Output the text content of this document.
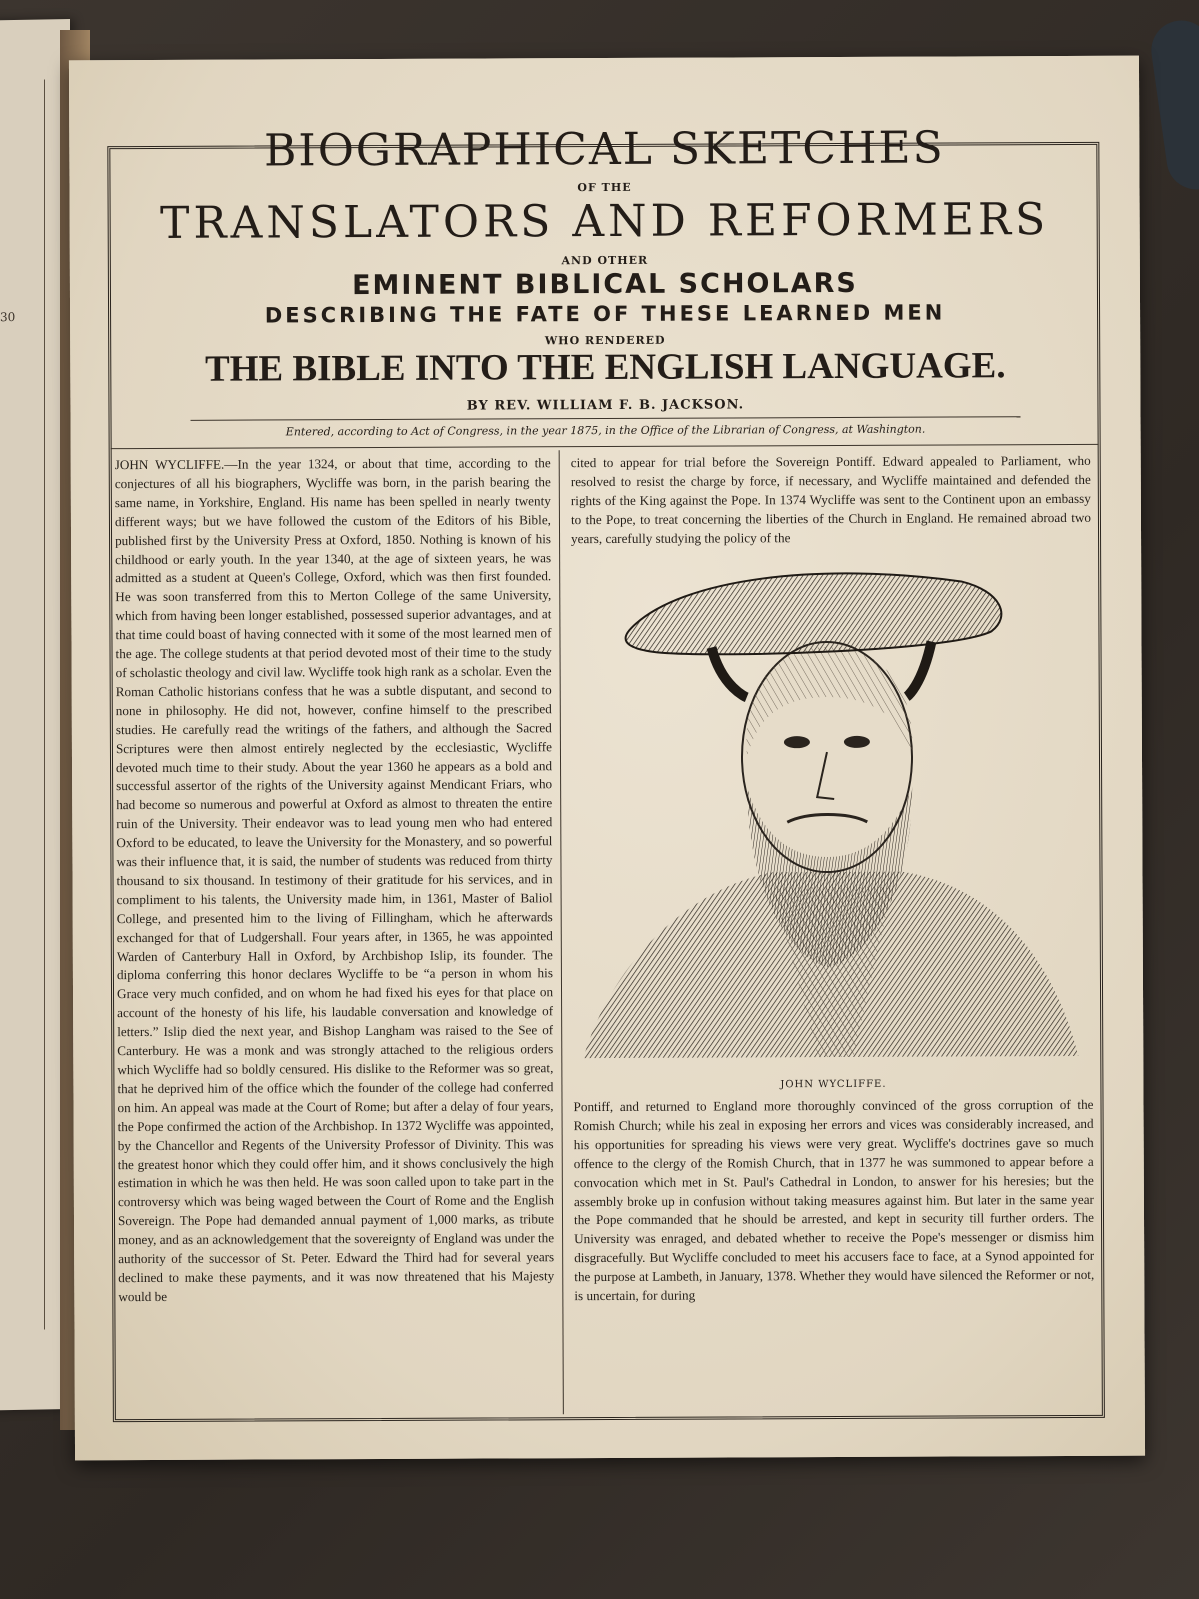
30
BIOGRAPHICAL SKETCHES
OF THE
TRANSLATORS AND REFORMERS
AND OTHER
EMINENT BIBLICAL SCHOLARS
DESCRIBING THE FATE OF THESE LEARNED MEN
WHO RENDERED
THE BIBLE INTO THE ENGLISH LANGUAGE.
BY REV. WILLIAM F. B. JACKSON.
Entered, according to Act of Congress, in the year 1875, in the Office of the Librarian of Congress, at Washington.
JOHN WYCLIFFE.—In the year 1324, or about that time, according to the conjectures of all his biographers, Wycliffe was born, in the parish bearing the same name, in Yorkshire, England. His name has been spelled in nearly twenty different ways; but we have followed the custom of the Editors of his Bible, published first by the University Press at Oxford, 1850. Nothing is known of his childhood or early youth. In the year 1340, at the age of sixteen years, he was admitted as a student at Queen's College, Oxford, which was then first founded. He was soon transferred from this to Merton College of the same University, which from having been longer established, possessed superior advantages, and at that time could boast of having connected with it some of the most learned men of the age. The college students at that period devoted most of their time to the study of scholastic theology and civil law. Wycliffe took high rank as a scholar. Even the Roman Catholic historians confess that he was a subtle disputant, and second to none in philosophy. He did not, however, confine himself to the prescribed studies. He carefully read the writings of the fathers, and although the Sacred Scriptures were then almost entirely neglected by the ecclesiastic, Wycliffe devoted much time to their study. About the year 1360 he appears as a bold and successful assertor of the rights of the University against Mendicant Friars, who had become so numerous and powerful at Oxford as almost to threaten the entire ruin of the University. Their endeavor was to lead young men who had entered Oxford to be educated, to leave the University for the Monastery, and so powerful was their influence that, it is said, the number of students was reduced from thirty thousand to six thousand. In testimony of their gratitude for his services, and in compliment to his talents, the University made him, in 1361, Master of Baliol College, and presented him to the living of Fillingham, which he afterwards exchanged for that of Ludgershall. Four years after, in 1365, he was appointed Warden of Canterbury Hall in Oxford, by Archbishop Islip, its founder. The diploma conferring this honor declares Wycliffe to be “a person in whom his Grace very much confided, and on whom he had fixed his eyes for that place on account of the honesty of his life, his laudable conversation and knowledge of letters.” Islip died the next year, and Bishop Langham was raised to the See of Canterbury. He was a monk and was strongly attached to the religious orders which Wycliffe had so boldly censured. His dislike to the Reformer was so great, that he deprived him of the office which the founder of the college had conferred on him. An appeal was made at the Court of Rome; but after a delay of four years, the Pope confirmed the action of the Archbishop. In 1372 Wycliffe was appointed, by the Chancellor and Regents of the University Professor of Divinity. This was the greatest honor which they could offer him, and it shows conclusively the high estimation in which he was then held. He was soon called upon to take part in the controversy which was being waged between the Court of Rome and the English Sovereign. The Pope had demanded annual payment of 1,000 marks, as tribute money, and as an acknowledgement that the sovereignty of England was under the authority of the successor of St. Peter. Edward the Third had for several years declined to make these payments, and it was now threatened that his Majesty would be
cited to appear for trial before the Sovereign Pontiff. Edward appealed to Parliament, who resolved to resist the charge by force, if necessary, and Wycliffe maintained and defended the rights of the King against the Pope. In 1374 Wycliffe was sent to the Continent upon an embassy to the Pope, to treat concerning the liberties of the Church in England. He remained abroad two years, carefully studying the policy of the
JOHN WYCLIFFE.
Pontiff, and returned to England more thoroughly convinced of the gross corruption of the Romish Church; while his zeal in exposing her errors and vices was considerably increased, and his opportunities for spreading his views were very great. Wycliffe's doctrines gave so much offence to the clergy of the Romish Church, that in 1377 he was summoned to appear before a convocation which met in St. Paul's Cathedral in London, to answer for his heresies; but the assembly broke up in confusion without taking measures against him. But later in the same year the Pope commanded that he should be arrested, and kept in security till further orders. The University was enraged, and debated whether to receive the Pope's messenger or dismiss him disgracefully. But Wycliffe concluded to meet his accusers face to face, at a Synod appointed for the purpose at Lambeth, in January, 1378. Whether they would have silenced the Reformer or not, is uncertain, for during
